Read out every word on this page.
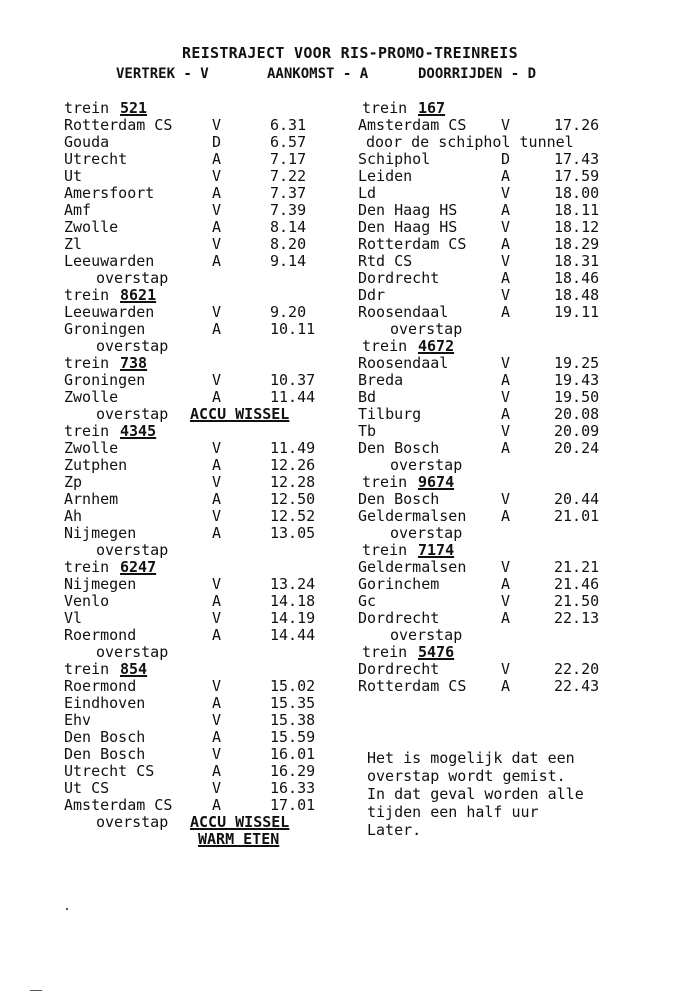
REISTRAJECT VOOR RIS-PROMO-TREINREIS
VERTREK - V	AANKOMST - A	DOORRIJDEN - D
trein 521
Rotterdam CS	V	6.31
Gouda	D	6.57
Utrecht	A	7.17
Ut	V	7.22
Amersfoort	A	7.37
Amf	V	7.39
Zwolle	A	8.14
Zl	V	8.20
Leeuwarden	A	9.14
overstap
trein 8621
Leeuwarden	V	9.20
Groningen	A	10.11
overstap
trein 738
Groningen	V	10.37
Zwolle	A	11.44
overstap ACCU WISSEL
trein 4345
Zwolle	V	11.49
Zutphen	A	12.26
Zp	V	12.28
Arnhem	A	12.50
Ah	V	12.52
Nijmegen	A	13.05
overstap
trein 6247
Nijmegen	V	13.24
Venlo	A	14.18
Vl	V	14.19
Roermond	A	14.44
overstap
trein 854
Roermond	V	15.02
Eindhoven	A	15.35
Ehv	V	15.38
Den Bosch	A	15.59
Den Bosch	V	16.01
Utrecht CS	A	16.29
Ut CS	V	16.33
Amsterdam CS	A	17.01
overstap ACCU WISSEL
WARM ETEN
trein 167
Amsterdam CS V	17.26
door de schiphol tunnel
Schiphol	D	17.43
Leiden	A	17.59
Ld	V	18.00
Den Haag HS	A	18.11
Den Haag HS	V	18.12
Rotterdam CS A	18.29
Rtd CS	V	18.31
Dordrecht	A	18.46
Ddr	V	18.48
Roosendaal	A	19.11
overstap
trein 4672
Roosendaal	V	19.25
Breda	A	19.43
Bd	V	19.50
Tilburg	A	20.08
Tb	V	20.09
Den Bosch	A	20.24
overstap
trein 9674
Den Bosch	V	20.44
Geldermalsen A	21.01
overstap
trein 7174
Geldermalsen V	21.21
Gorinchem	A	21.46
Gc	V	21.50
Dordrecht	A	22.13
overstap
trein 5476
Dordrecht	V	22.20
Rotterdam CS A	22.43
Het is mogelijk dat een
overstap wordt gemist.
In dat geval worden alle
tijden een half uur
Later.
